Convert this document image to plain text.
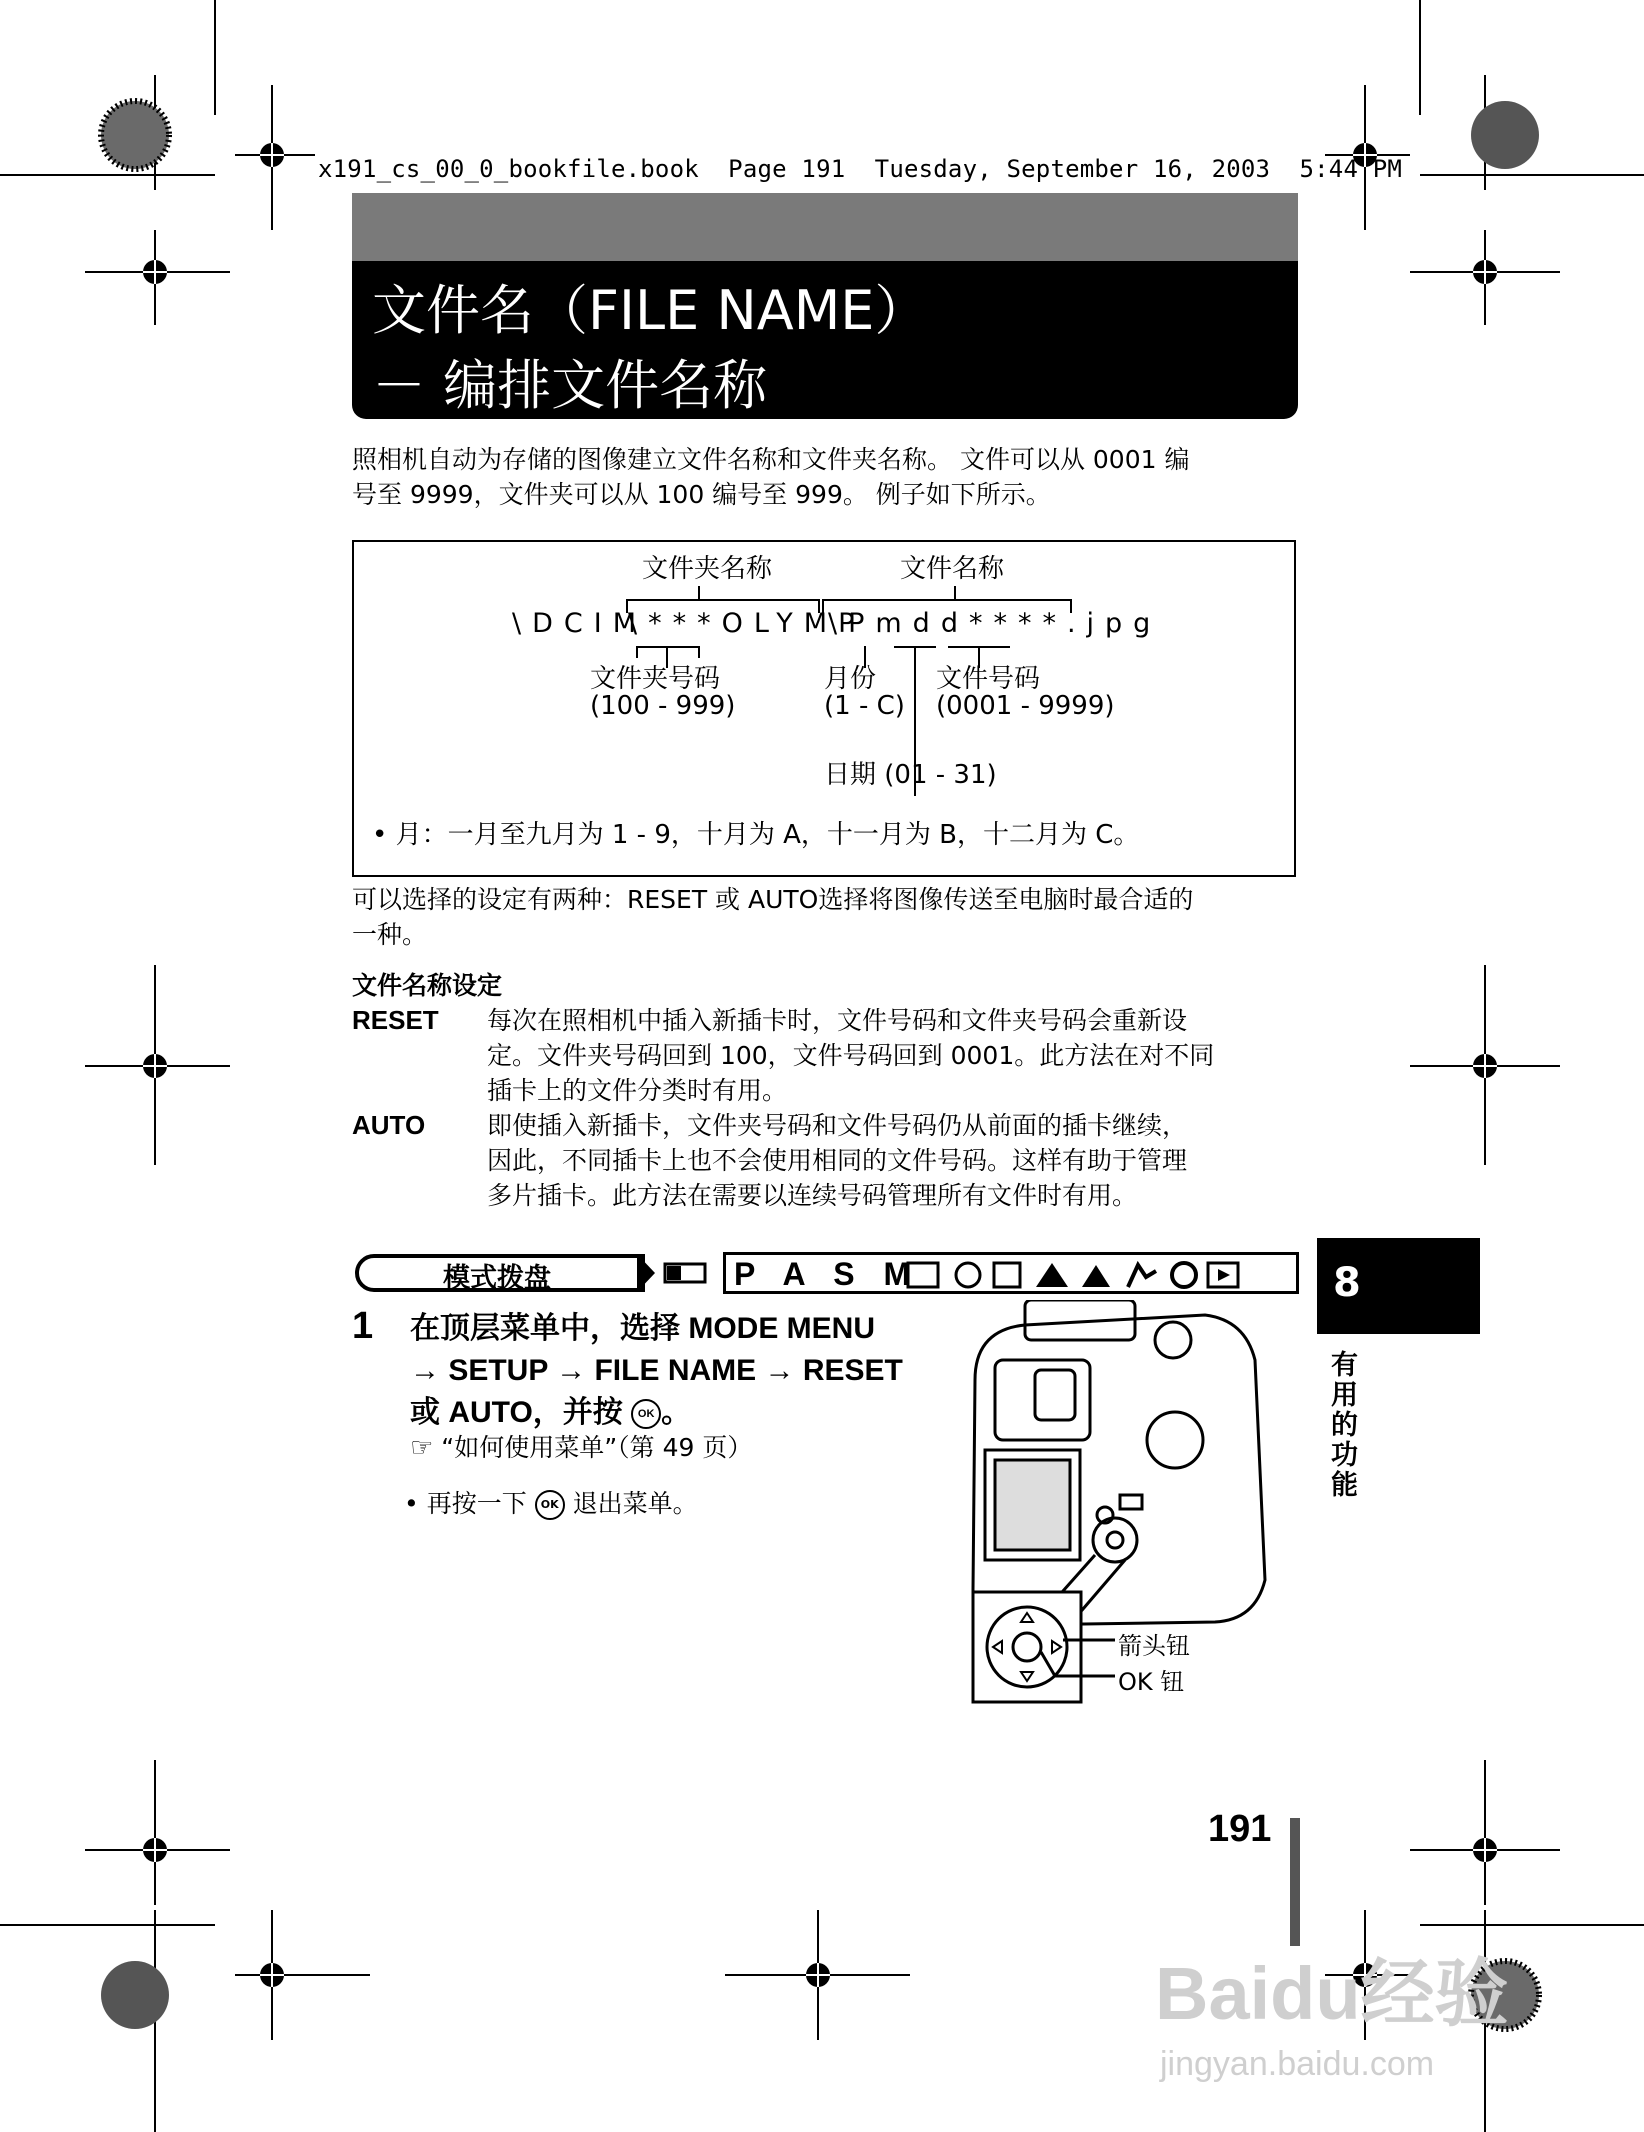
x191_cs_00_0_bookfile.book  Page 191  Tuesday, September 16, 2003  5:44 PM
文件名（FILE NAME）
－ 编排文件名称
照相机自动为存储的图像建立文件名称和文件夹名称。 文件可以从 0001 编
号至 9999，文件夹可以从 100 编号至 999。 例子如下所示。
文件夹名称	文件名称
\DCIM
\***OLYMP
\Pmdd****.jpg
文件夹号码
(100 - 999)
月份
(1 - C)
文件号码
(0001 - 9999)
日期 (01 - 31)
• 月：一月至九月为 1 - 9，十月为 A，十一月为 B，十二月为 C。
可以选择的设定有两种：RESET 或 AUTO选择将图像传送至电脑时最合适的
一种。
文件名称设定
RESET 每次在照相机中插入新插卡时，文件号码和文件夹号码会重新设
定。文件夹号码回到 100，文件号码回到 0001。此方法在对不同
插卡上的文件分类时有用。
AUTO 即使插入新插卡，文件夹号码和文件号码仍从前面的插卡继续，
因此，不同插卡上也不会使用相同的文件号码。这样有助于管理
多片插卡。此方法在需要以连续号码管理所有文件时有用。
模式拨盘	P A S M	8
有用的功能
1 在顶层菜单中，选择 MODE MENU
→ SETUP → FILE NAME → RESET
或 AUTO，并按 OK 。
☞ “如何使用菜单”（第 49 页）
• 再按一下 OK 退出菜单。
箭头钮
OK 钮
191
Baidu经验
jingyan.baidu.com
